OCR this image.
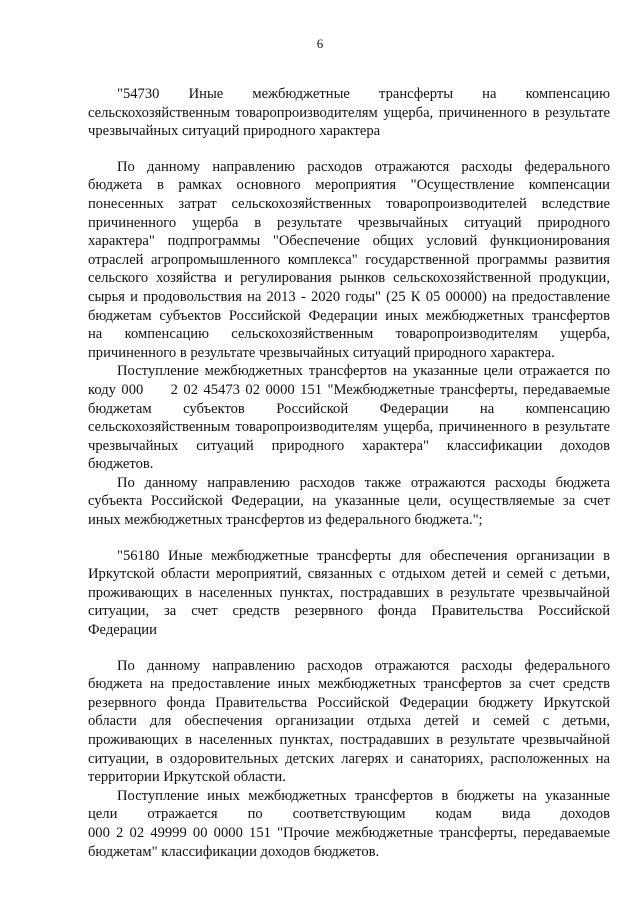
6
"54730 Иные межбюджетные трансферты на компенсацию
сельскохозяйственным товаропроизводителям ущерба, причиненного в результате
чрезвычайных ситуаций природного характера
По данному направлению расходов отражаются расходы федерального
бюджета в рамках основного мероприятия "Осуществление компенсации
понесенных затрат сельскохозяйственных товаропроизводителей вследствие
причиненного ущерба в результате чрезвычайных ситуаций природного
характера" подпрограммы "Обеспечение общих условий функционирования
отраслей агропромышленного комплекса" государственной программы развития
сельского хозяйства и регулирования рынков сельскохозяйственной продукции,
сырья и продовольствия на 2013 - 2020 годы" (25 К 05 00000) на предоставление
бюджетам субъектов Российской Федерации иных межбюджетных трансфертов
на компенсацию сельскохозяйственным товаропроизводителям ущерба,
причиненного в результате чрезвычайных ситуаций природного характера.
Поступление межбюджетных трансфертов на указанные цели отражается по
коду 000     2 02 45473 02 0000 151 "Межбюджетные трансферты, передаваемые
бюджетам субъектов Российской Федерации на компенсацию
сельскохозяйственным товаропроизводителям ущерба, причиненного в результате
чрезвычайных ситуаций природного характера" классификации доходов
бюджетов.
По данному направлению расходов также отражаются расходы бюджета
субъекта Российской Федерации, на указанные цели, осуществляемые за счет
иных межбюджетных трансфертов из федерального бюджета.";
"56180 Иные межбюджетные трансферты для обеспечения организации в
Иркутской области мероприятий, связанных с отдыхом детей и семей с детьми,
проживающих в населенных пунктах, пострадавших в результате чрезвычайной
ситуации, за счет средств резервного фонда Правительства Российской
Федерации
По данному направлению расходов отражаются расходы федерального
бюджета на предоставление иных межбюджетных трансфертов за счет средств
резервного фонда Правительства Российской Федерации бюджету Иркутской
области для обеспечения организации отдыха детей и семей с детьми,
проживающих в населенных пунктах, пострадавших в результате чрезвычайной
ситуации, в оздоровительных детских лагерях и санаториях, расположенных на
территории Иркутской области.
Поступление иных межбюджетных трансфертов в бюджеты на указанные
цели отражается по соответствующим кодам вида доходов
000 2 02 49999 00 0000 151 "Прочие межбюджетные трансферты, передаваемые
бюджетам" классификации доходов бюджетов.
